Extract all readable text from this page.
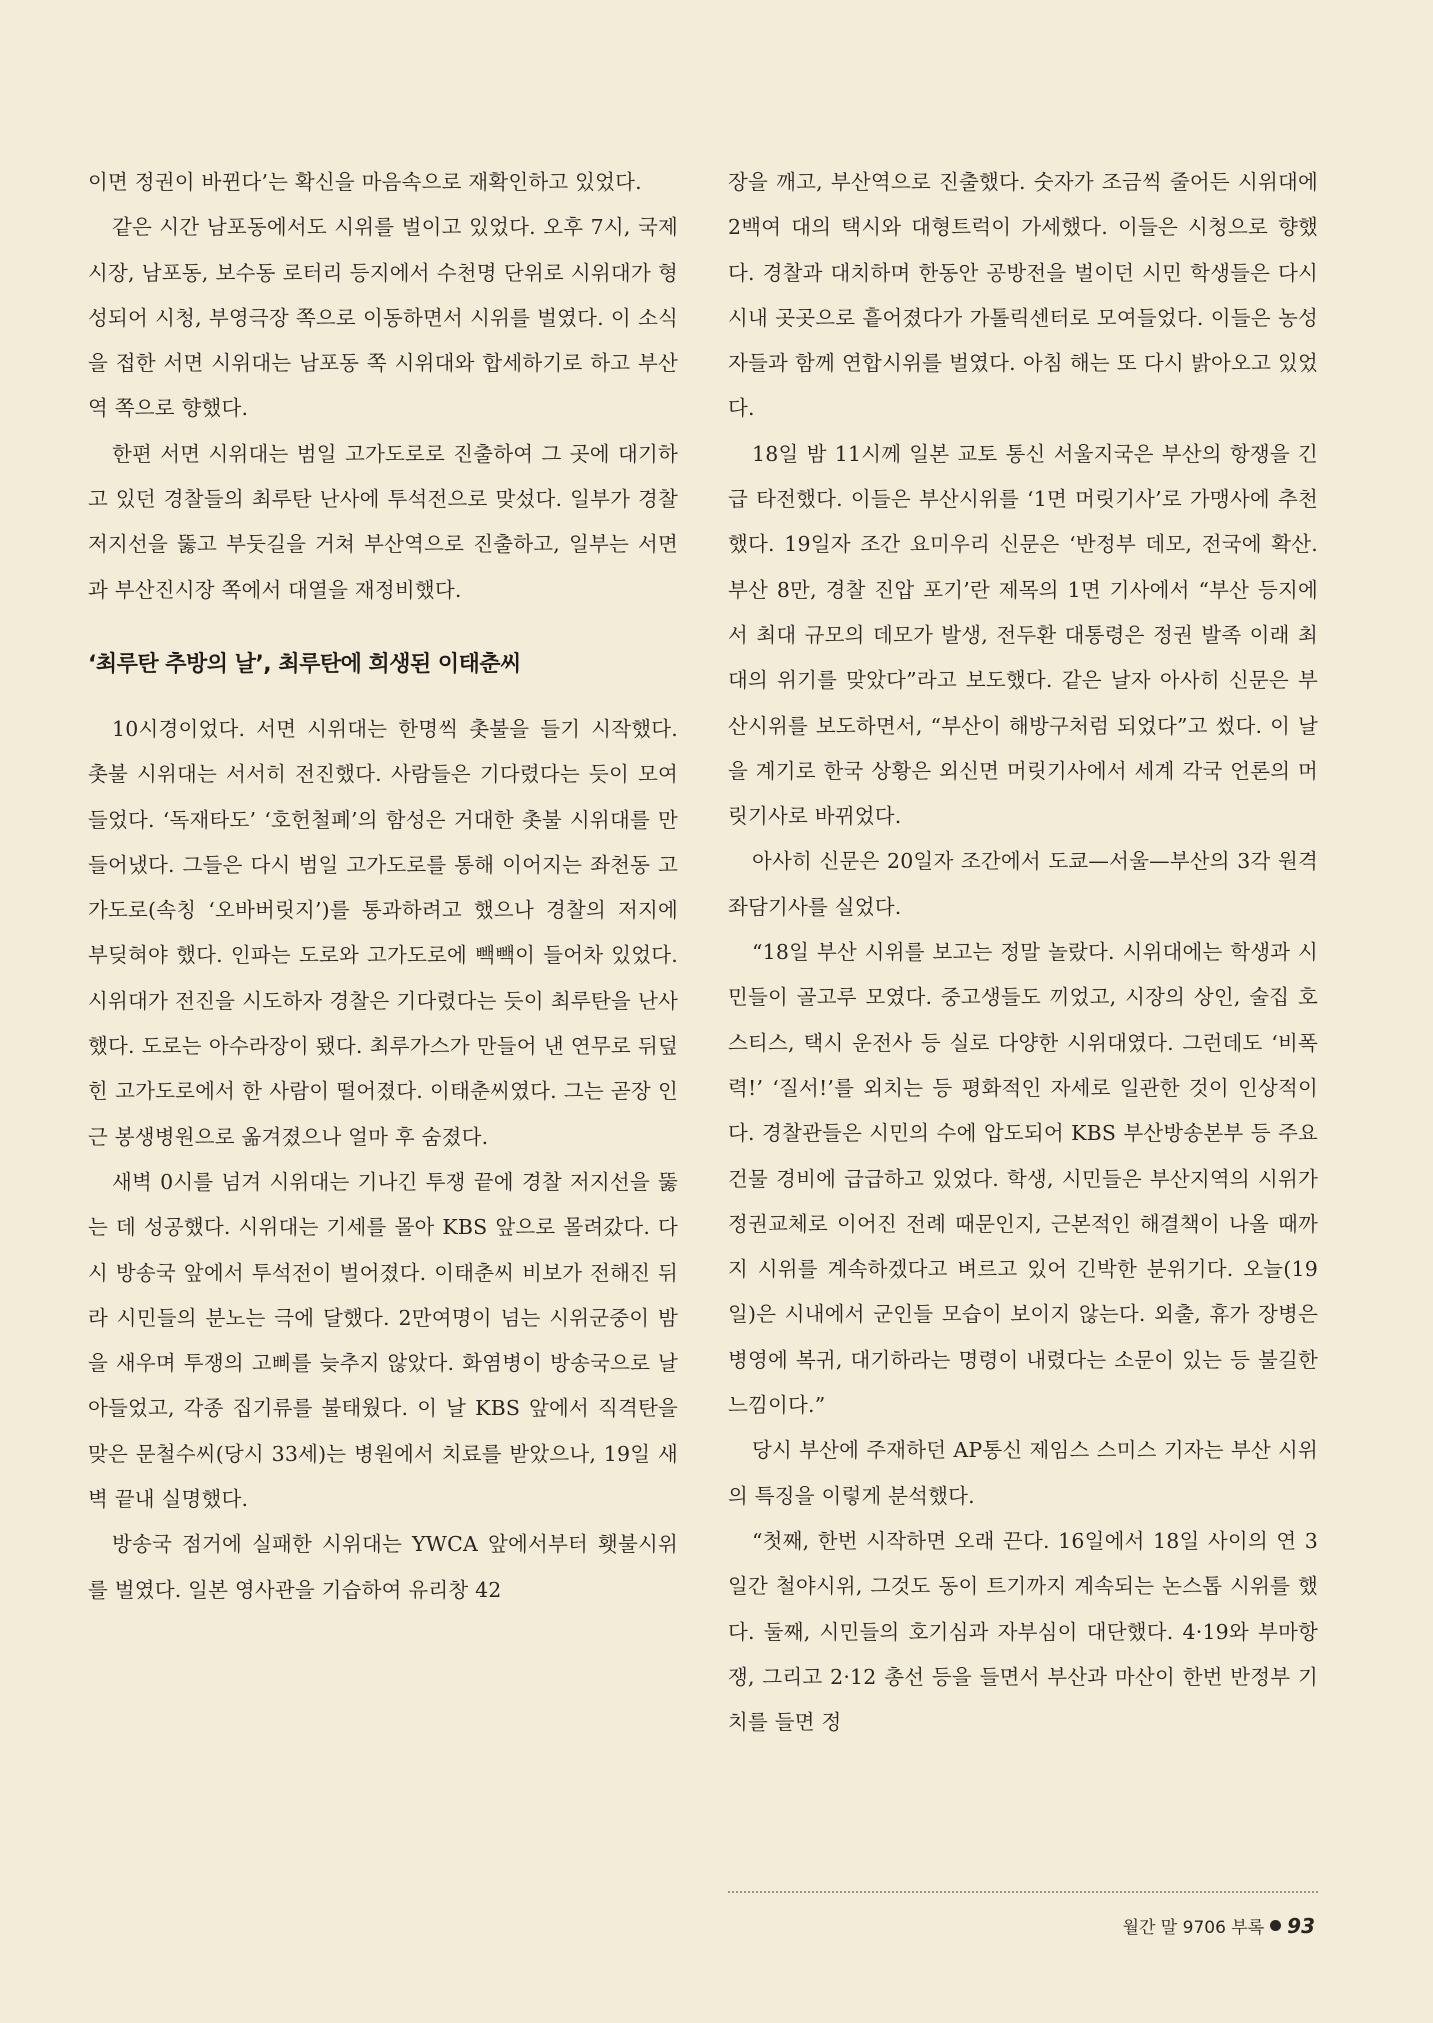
이면 정권이 바뀐다’는 확신을 마음속으로 재확인하고 있었다.

같은 시간 남포동에서도 시위를 벌이고 있었다. 오후 7시, 국제시장, 남포동, 보수동 로터리 등지에서 수천명 단위로 시위대가 형성되어 시청, 부영극장 쪽으로 이동하면서 시위를 벌였다. 이 소식을 접한 서면 시위대는 남포동 쪽 시위대와 합세하기로 하고 부산역 쪽으로 향했다.

한편 서면 시위대는 범일 고가도로로 진출하여 그 곳에 대기하고 있던 경찰들의 최루탄 난사에 투석전으로 맞섰다. 일부가 경찰 저지선을 뚫고 부둣길을 거쳐 부산역으로 진출하고, 일부는 서면과 부산진시장 쪽에서 대열을 재정비했다.

‘최루탄 추방의 날’, 최루탄에 희생된 이태춘씨

10시경이었다. 서면 시위대는 한명씩 촛불을 들기 시작했다. 촛불 시위대는 서서히 전진했다. 사람들은 기다렸다는 듯이 모여들었다. ‘독재타도’ ‘호헌철폐’의 함성은 거대한 촛불 시위대를 만들어냈다. 그들은 다시 범일 고가도로를 통해 이어지는 좌천동 고가도로(속칭 ‘오바버릿지’)를 통과하려고 했으나 경찰의 저지에 부딪혀야 했다. 인파는 도로와 고가도로에 빽빽이 들어차 있었다. 시위대가 전진을 시도하자 경찰은 기다렸다는 듯이 최루탄을 난사했다. 도로는 아수라장이 됐다. 최루가스가 만들어 낸 연무로 뒤덮힌 고가도로에서 한 사람이 떨어졌다. 이태춘씨였다. 그는 곧장 인근 봉생병원으로 옮겨졌으나 얼마 후 숨졌다.

새벽 0시를 넘겨 시위대는 기나긴 투쟁 끝에 경찰 저지선을 뚫는 데 성공했다. 시위대는 기세를 몰아 KBS 앞으로 몰려갔다. 다시 방송국 앞에서 투석전이 벌어졌다. 이태춘씨 비보가 전해진 뒤라 시민들의 분노는 극에 달했다. 2만여명이 넘는 시위군중이 밤을 새우며 투쟁의 고삐를 늦추지 않았다. 화염병이 방송국으로 날아들었고, 각종 집기류를 불태웠다. 이 날 KBS 앞에서 직격탄을 맞은 문철수씨(당시 33세)는 병원에서 치료를 받았으나, 19일 새벽 끝내 실명했다.

방송국 점거에 실패한 시위대는 YWCA 앞에서부터 횃불시위를 벌였다. 일본 영사관을 기습하여 유리창 42

장을 깨고, 부산역으로 진출했다. 숫자가 조금씩 줄어든 시위대에 2백여 대의 택시와 대형트럭이 가세했다. 이들은 시청으로 향했다. 경찰과 대치하며 한동안 공방전을 벌이던 시민 학생들은 다시 시내 곳곳으로 흩어졌다가 가톨릭센터로 모여들었다. 이들은 농성자들과 함께 연합시위를 벌였다. 아침 해는 또 다시 밝아오고 있었다.

18일 밤 11시께 일본 교토 통신 서울지국은 부산의 항쟁을 긴급 타전했다. 이들은 부산시위를 ‘1면 머릿기사’로 가맹사에 추천했다. 19일자 조간 요미우리 신문은 ‘반정부 데모, 전국에 확산. 부산 8만, 경찰 진압 포기’란 제목의 1면 기사에서 “부산 등지에서 최대 규모의 데모가 발생, 전두환 대통령은 정권 발족 이래 최대의 위기를 맞았다”라고 보도했다. 같은 날자 아사히 신문은 부산시위를 보도하면서, “부산이 해방구처럼 되었다”고 썼다. 이 날을 계기로 한국 상황은 외신면 머릿기사에서 세계 각국 언론의 머릿기사로 바뀌었다.

아사히 신문은 20일자 조간에서 도쿄—서울—부산의 3각 원격 좌담기사를 실었다.

“18일 부산 시위를 보고는 정말 놀랐다. 시위대에는 학생과 시민들이 골고루 모였다. 중고생들도 끼었고, 시장의 상인, 술집 호스티스, 택시 운전사 등 실로 다양한 시위대였다. 그런데도 ‘비폭력!’ ‘질서!’를 외치는 등 평화적인 자세로 일관한 것이 인상적이다. 경찰관들은 시민의 수에 압도되어 KBS 부산방송본부 등 주요 건물 경비에 급급하고 있었다. 학생, 시민들은 부산지역의 시위가 정권교체로 이어진 전례 때문인지, 근본적인 해결책이 나올 때까지 시위를 계속하겠다고 벼르고 있어 긴박한 분위기다. 오늘(19일)은 시내에서 군인들 모습이 보이지 않는다. 외출, 휴가 장병은 병영에 복귀, 대기하라는 명령이 내렸다는 소문이 있는 등 불길한 느낌이다.”

당시 부산에 주재하던 AP통신 제임스 스미스 기자는 부산 시위의 특징을 이렇게 분석했다.

“첫째, 한번 시작하면 오래 끈다. 16일에서 18일 사이의 연 3일간 철야시위, 그것도 동이 트기까지 계속되는 논스톱 시위를 했다. 둘째, 시민들의 호기심과 자부심이 대단했다. 4·19와 부마항쟁, 그리고 2·12 총선 등을 들면서 부산과 마산이 한번 반정부 기치를 들면 정

월간 말 9706 부록 93
